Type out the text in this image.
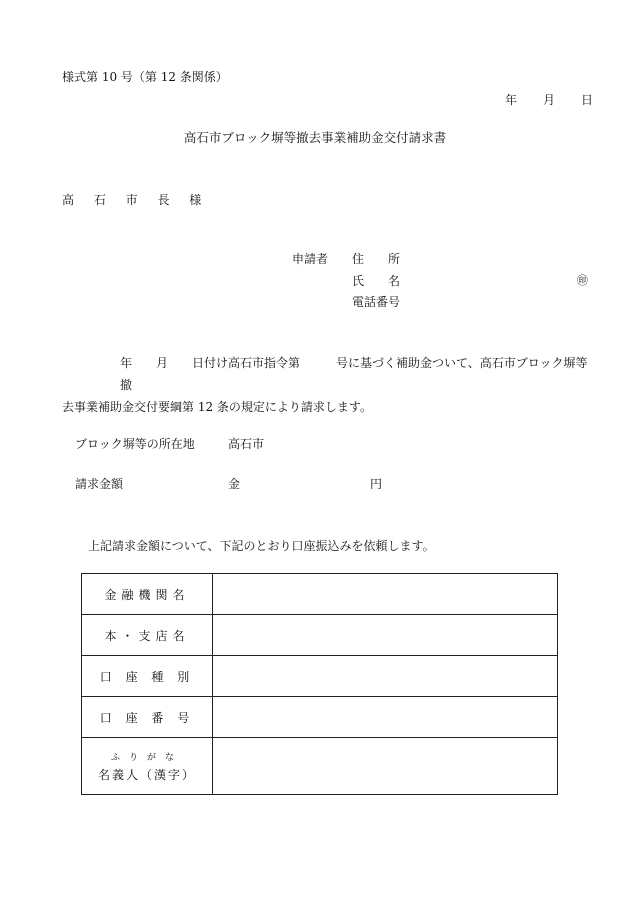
様式第 10 号（第 12 条関係）
年 月 日
高石市ブロック塀等撤去事業補助金交付請求書
高 石 市 長 様
申請者 住　　所
氏　　名
電話番号
㊞
年　　月　　日付け高石市指令第　　　号に基づく補助金ついて、高石市ブロック塀等撤
去事業補助金交付要綱第 12 条の規定により請求します。
ブロック塀等の所在地	高石市
請求金額	金	円
上記請求金額について、下記のとおり口座振込みを依頼します。
金融機関名	
本・支店名	
口 座 種 別	
口 座 番 号	

ふりがな
名義人（漢字）	
